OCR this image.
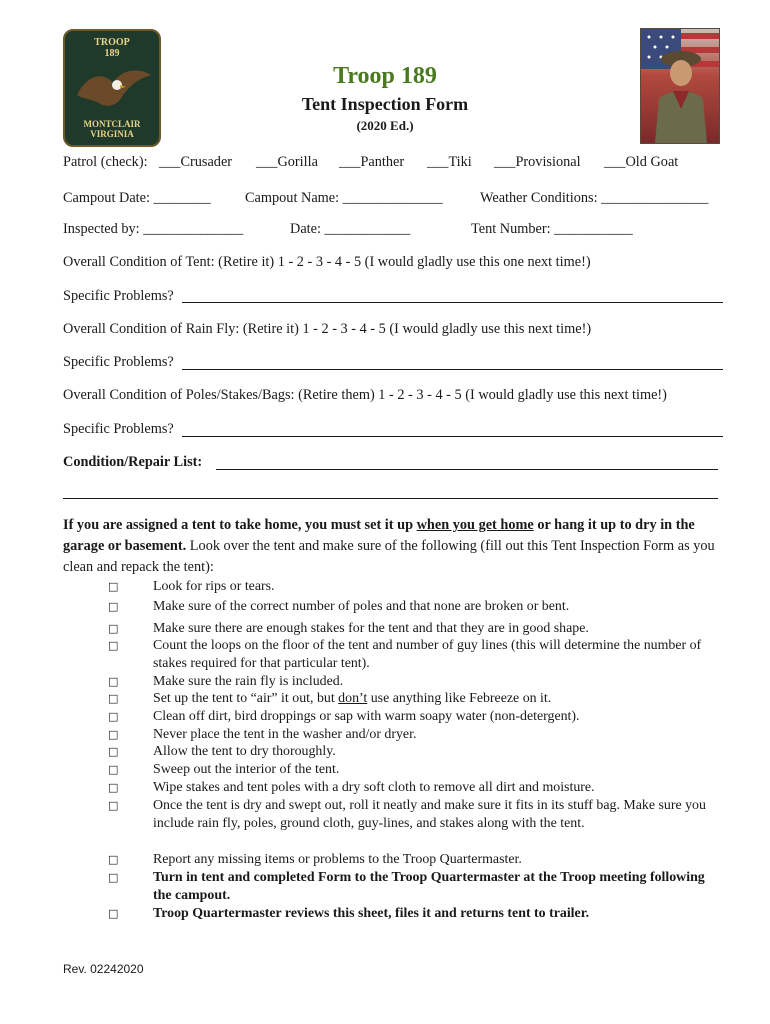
TROOP
189
MONTCLAIR
VIRGINIA
Troop 189
Tent Inspection Form
(2020 Ed.)
Patrol (check): ___Crusader ___Gorilla ___Panther ___Tiki ___Provisional ___Old Goat
Campout Date: ________ Campout Name: ______________	Weather Conditions: _______________
Inspected by: ______________	Date: ____________	Tent Number: ___________
Overall Condition of Tent: (Retire it) 1 - 2 - 3 - 4 - 5 (I would gladly use this one next time!)
Specific Problems?
Overall Condition of Rain Fly: (Retire it) 1 - 2 - 3 - 4 - 5 (I would gladly use this next time!)
Specific Problems?
Overall Condition of Poles/Stakes/Bags: (Retire them) 1 - 2 - 3 - 4 - 5 (I would gladly use this next time!)
Specific Problems?
Condition/Repair List:
If you are assigned a tent to take home, you must set it up when you get home or hang it up to dry in the garage or basement. Look over the tent and make sure of the following (fill out this Tent Inspection Form as you clean and repack the tent):
□ Look for rips or tears.
□ Make sure of the correct number of poles and that none are broken or bent.
□ Make sure there are enough stakes for the tent and that they are in good shape.
□ Count the loops on the floor of the tent and number of guy lines (this will determine the number of stakes required for that particular tent).
□ Make sure the rain fly is included.
□ Set up the tent to “air” it out, but don’t use anything like Febreeze on it.
□ Clean off dirt, bird droppings or sap with warm soapy water (non-detergent).
□ Never place the tent in the washer and/or dryer.
□ Allow the tent to dry thoroughly.
□ Sweep out the interior of the tent.
□ Wipe stakes and tent poles with a dry soft cloth to remove all dirt and moisture.
□ Once the tent is dry and swept out, roll it neatly and make sure it fits in its stuff bag. Make sure you include rain fly, poles, ground cloth, guy-lines, and stakes along with the tent.
□ Report any missing items or problems to the Troop Quartermaster.
□ Turn in tent and completed Form to the Troop Quartermaster at the Troop meeting following the campout.
□ Troop Quartermaster reviews this sheet, files it and returns tent to trailer.
Rev. 02242020
